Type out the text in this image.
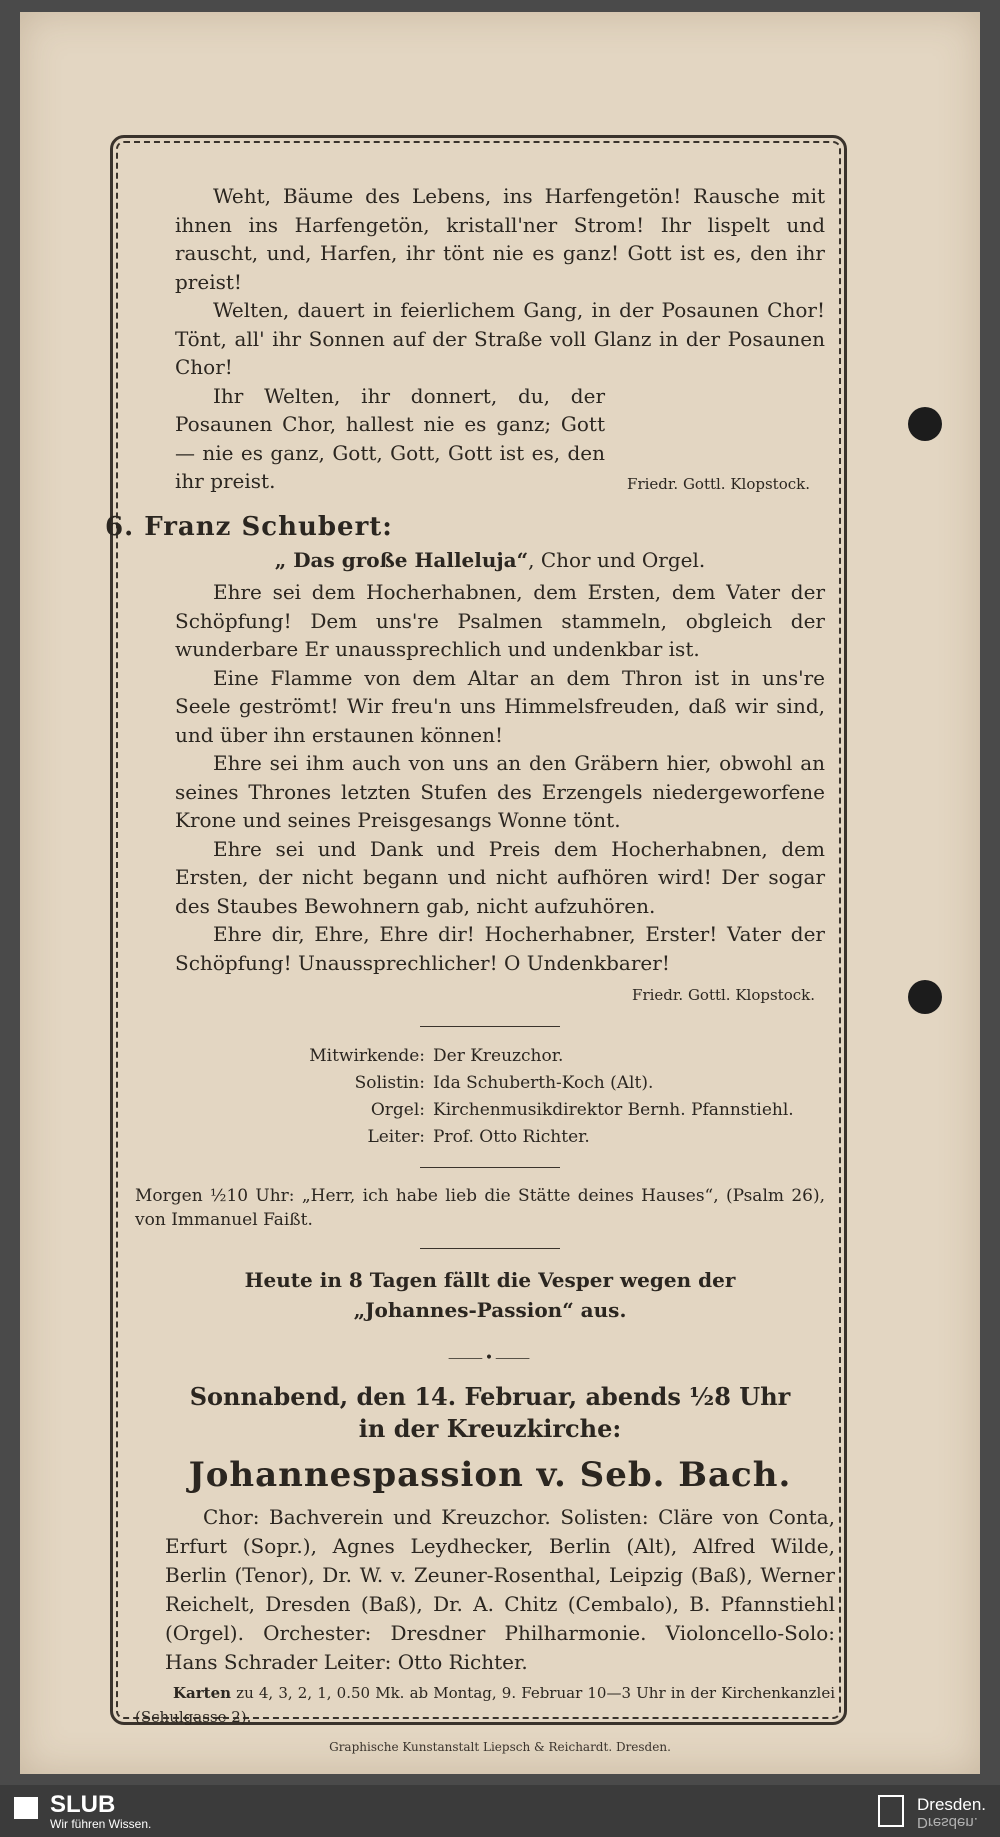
Weht, Bäume des Lebens, ins Harfengetön! Rausche mit ihnen ins Harfengetön, kristall'ner Strom! Ihr lispelt und rauscht, und, Harfen, ihr tönt nie es ganz! Gott ist es, den ihr preist!

Welten, dauert in feierlichem Gang, in der Posaunen Chor! Tönt, all' ihr Sonnen auf der Straße voll Glanz in der Posaunen Chor!

Ihr Welten, ihr donnert, du, der Posaunen Chor, hallest nie es ganz; Gott — nie es ganz, Gott, Gott, Gott ist es, den ihr preist.	Friedr. Gottl. Klopstock.

6. Franz Schubert:
„ Das große Halleluja“, Chor und Orgel.

Ehre sei dem Hocherhabnen, dem Ersten, dem Vater der Schöpfung! Dem uns're Psalmen stammeln, obgleich der wunderbare Er unaussprechlich und undenkbar ist.

Eine Flamme von dem Altar an dem Thron ist in uns're Seele geströmt! Wir freu'n uns Himmelsfreuden, daß wir sind, und über ihn erstaunen können!

Ehre sei ihm auch von uns an den Gräbern hier, obwohl an seines Thrones letzten Stufen des Erzengels niedergeworfene Krone und seines Preisgesangs Wonne tönt.

Ehre sei und Dank und Preis dem Hocherhabnen, dem Ersten, der nicht begann und nicht aufhören wird! Der sogar des Staubes Bewohnern gab, nicht aufzuhören.

Ehre dir, Ehre, Ehre dir! Hocherhabner, Erster! Vater der Schöpfung! Unaussprechlicher! O Undenkbarer!

Friedr. Gottl. Klopstock.

Mitwirkende: Der Kreuzchor.
Solistin: Ida Schuberth-Koch (Alt).
Orgel: Kirchenmusikdirektor Bernh. Pfannstiehl.
Leiter: Prof. Otto Richter.

Morgen ½10 Uhr: „Herr, ich habe lieb die Stätte deines Hauses“, (Psalm 26), von Immanuel Faißt.

Heute in 8 Tagen fällt die Vesper wegen der „Johannes-Passion“ aus.

⸻•⸻
Sonnabend, den 14. Februar, abends ½8 Uhr
in der Kreuzkirche:
Johannespassion v. Seb. Bach.

Chor: Bachverein und Kreuzchor. Solisten: Cläre von Conta, Erfurt (Sopr.), Agnes Leydhecker, Berlin (Alt), Alfred Wilde, Berlin (Tenor), Dr. W. v. Zeuner-Rosenthal, Leipzig (Baß), Werner Reichelt, Dresden (Baß), Dr. A. Chitz (Cembalo), B. Pfannstiehl (Orgel). Orchester: Dresdner Philharmonie. Violoncello-Solo: Hans Schrader Leiter: Otto Richter.

Karten zu 4, 3, 2, 1, 0.50 Mk. ab Montag, 9. Februar 10—3 Uhr in der Kirchenkanzlei (Schulgasse 2).

Graphische Kunstanstalt Liepsch & Reichardt. Dresden.
SLUB
Wir führen Wissen.
Dresden.
Dresden.
